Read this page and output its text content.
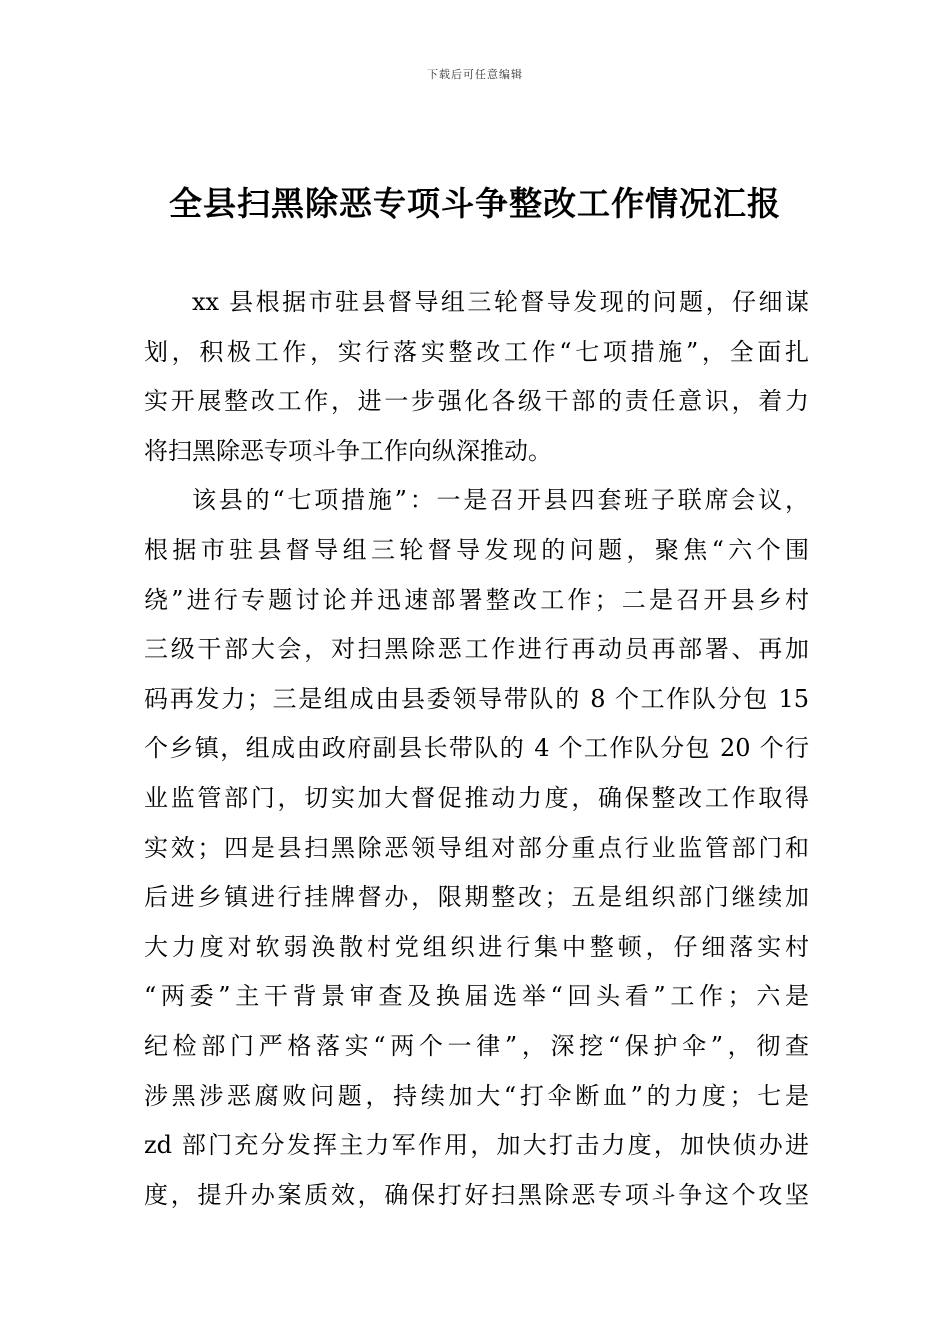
下载后可任意编辑
全县扫黑除恶专项斗争整改工作情况汇报
xx 县根据市驻县督导组三轮督导发现的问题，仔细谋
划，积极工作，实行落实整改工作“七项措施”，全面扎
实开展整改工作，进一步强化各级干部的责任意识，着力
将扫黑除恶专项斗争工作向纵深推动。
该县的“七项措施”：一是召开县四套班子联席会议，
根据市驻县督导组三轮督导发现的问题，聚焦“六个围
绕”进行专题讨论并迅速部署整改工作；二是召开县乡村
三级干部大会，对扫黑除恶工作进行再动员再部署、再加
码再发力；三是组成由县委领导带队的 8 个工作队分包 15
个乡镇，组成由政府副县长带队的 4 个工作队分包 20 个行
业监管部门，切实加大督促推动力度，确保整改工作取得
实效；四是县扫黑除恶领导组对部分重点行业监管部门和
后进乡镇进行挂牌督办，限期整改；五是组织部门继续加
大力度对软弱涣散村党组织进行集中整顿，仔细落实村
“两委”主干背景审查及换届选举“回头看”工作；六是
纪检部门严格落实“两个一律”，深挖“保护伞”，彻查
涉黑涉恶腐败问题，持续加大“打伞断血”的力度；七是
zd 部门充分发挥主力军作用，加大打击力度，加快侦办进
度，提升办案质效，确保打好扫黑除恶专项斗争这个攻坚
